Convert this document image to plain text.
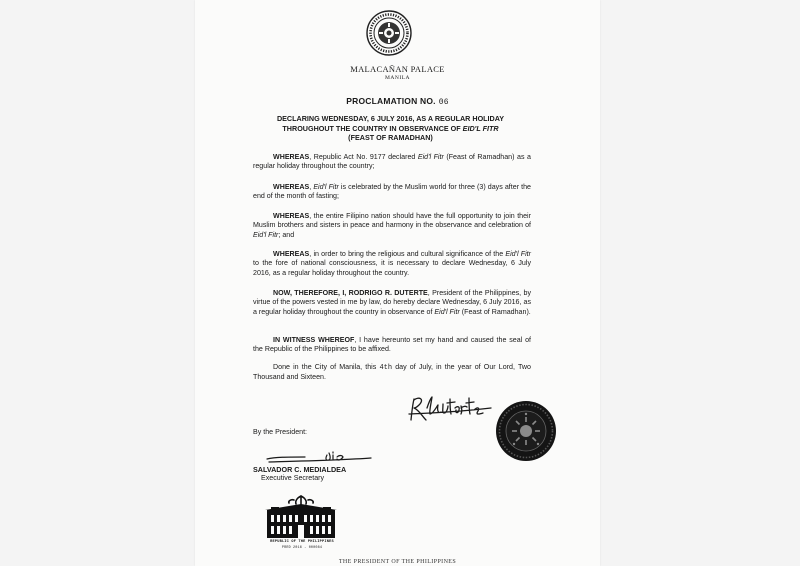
MALACAÑAN PALACE
MANILA
PROCLAMATION NO. 06
DECLARING WEDNESDAY, 6 JULY 2016, AS A REGULAR HOLIDAY
THROUGHOUT THE COUNTRY IN OBSERVANCE OF EID'L FITR
(FEAST OF RAMADHAN)
WHEREAS, Republic Act No. 9177 declared Eid'l Fitr (Feast of Ramadhan) as a regular holiday throughout the country;
WHEREAS, Eid'l Fitr is celebrated by the Muslim world for three (3) days after the end of the month of fasting;
WHEREAS, the entire Filipino nation should have the full opportunity to join their Muslim brothers and sisters in peace and harmony in the observance and celebration of Eid'l Fitr; and
WHEREAS, in order to bring the religious and cultural significance of the Eid'l Fitr to the fore of national consciousness, it is necessary to declare Wednesday, 6 July 2016, as a regular holiday throughout the country.
NOW, THEREFORE, I, RODRIGO R. DUTERTE, President of the Philippines, by virtue of the powers vested in me by law, do hereby declare Wednesday, 6 July 2016, as a regular holiday throughout the country in observance of Eid'l Fitr (Feast of Ramadhan).
IN WITNESS WHEREOF, I have hereunto set my hand and caused the seal of the Republic of the Philippines to be affixed.
Done in the City of Manila, this 4th day of July, in the year of Our Lord, Two Thousand and Sixteen.
By the President:
SALVADOR C. MEDIALDEA
Executive Secretary
REPUBLIC OF THE PHILIPPINES
PRRD 2016 - 000084
THE PRESIDENT OF THE PHILIPPINES
